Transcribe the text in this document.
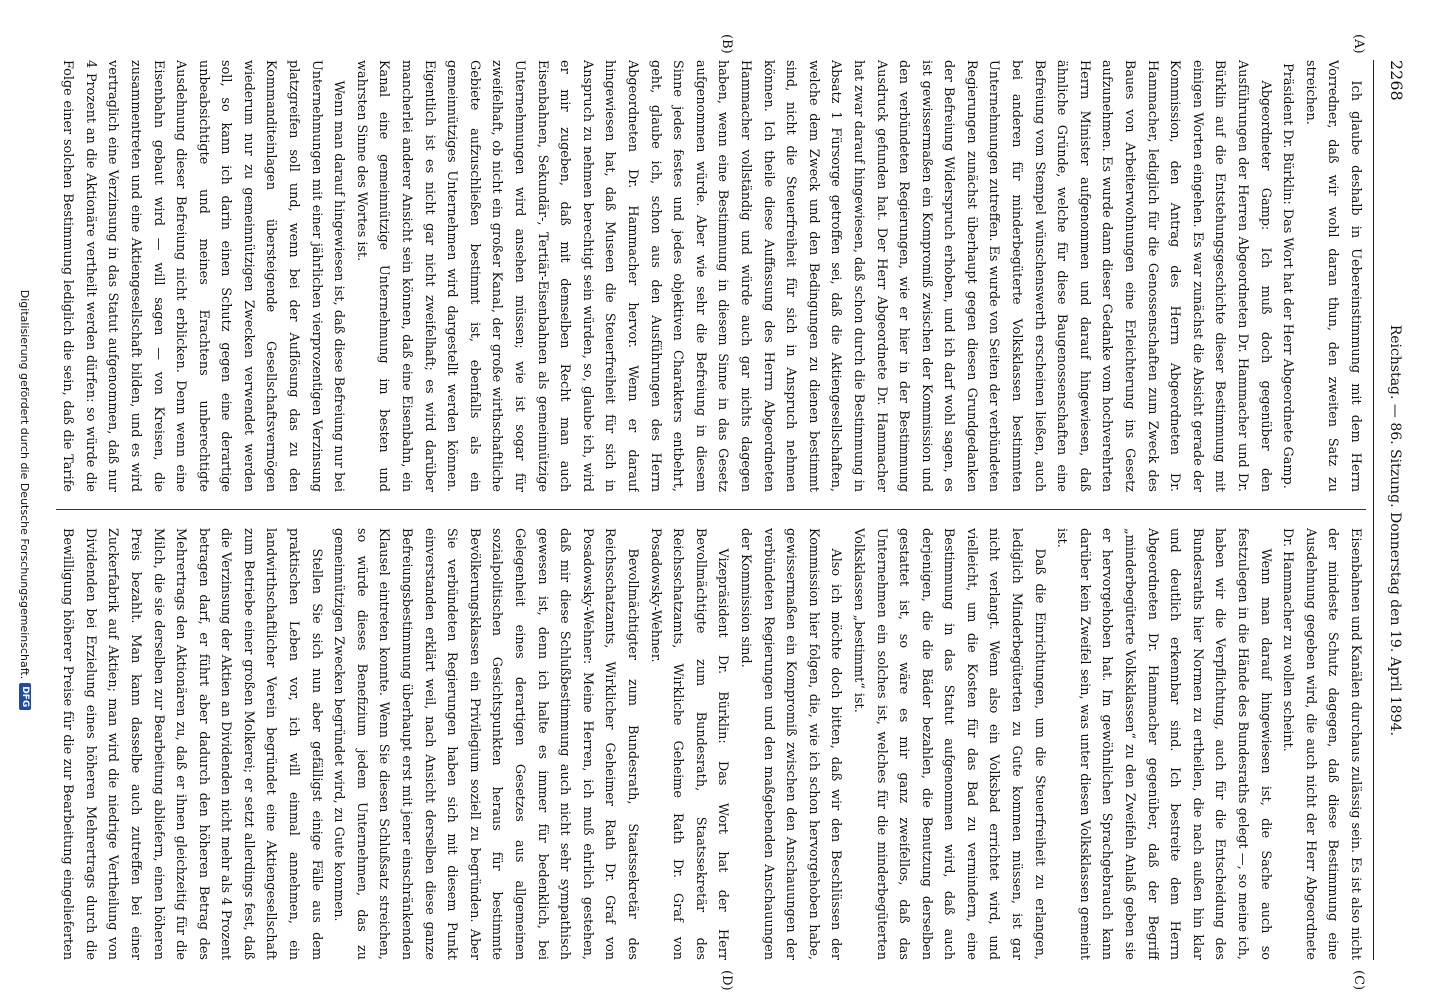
2268
Reichstag. — 86. Sitzung. Donnerstag den 19. April 1894.
(A)
(B)
(C)
(D)

Ich glaube deshalb in Uebereinstimmung mit dem Herrn Vorredner, daß wir wohl daran thun, den zweiten Satz zu streichen.

Präsident Dr. Bürklin: Das Wort hat der Herr Abgeordnete Gamp.

Abgeordneter Gamp: Ich muß doch gegenüber den Ausführungen der Herren Abgeordneten Dr. Hammacher und Dr. Bürklin auf die Entstehungsgeschichte dieser Bestimmung mit einigen Worten eingehen. Es war zunächst die Absicht gerade der Kommission, den Antrag des Herrn Abgeordneten Dr. Hammacher, lediglich für die Genossenschaften zum Zweck des Baues von Arbeiterwohnungen eine Erleichterung ins Gesetz aufzunehmen. Es wurde dann dieser Gedanke vom hochverehrten Herrn Minister aufgenommen und darauf hingewiesen, daß ähnliche Gründe, welche für diese Baugenossenschaften eine Befreiung vom Stempel wünschenswerth erscheinen ließen, auch bei anderen für minderbegüterte Volksklassen bestimmten Unternehmungen zutreffen. Es wurde von Seiten der verbündeten Regierungen zunächst überhaupt gegen diesen Grundgedanken der Befreiung Widerspruch erhoben, und ich darf wohl sagen, es ist gewissermaßen ein Kompromiß zwischen der Kommission und den verbündeten Regierungen, wie er hier in der Bestimmung Ausdruck gefunden hat. Der Herr Abgeordnete Dr. Hammacher hat zwar darauf hingewiesen, daß schon durch die Bestimmung in Absatz 1 Fürsorge getroffen sei, daß die Aktiengesellschaften, welche dem Zweck und den Bedingungen zu dienen bestimmt sind, nicht die Steuerfreiheit für sich in Anspruch nehmen können. Ich theile diese Auffassung des Herrn Abgeordneten Hammacher vollständig und würde auch gar nichts dagegen haben, wenn eine Bestimmung in diesem Sinne in das Gesetz aufgenommen würde. Aber wie sehr die Befreiung in diesem Sinne jedes festes und jedes objektiven Charakters entbehrt, geht, glaube ich, schon aus den Ausführungen des Herrn Abgeordneten Dr. Hammacher hervor. Wenn er darauf hingewiesen hat, daß Museen die Steuerfreiheit für sich in Anspruch zu nehmen berechtigt sein würden, so, glaube ich, wird er mir zugeben, daß mit demselben Recht man auch Eisenbahnen, Sekundär-, Tertiär-Eisenbahnen als gemeinnützige Unternehmungen wird ansehen müssen; wie ist sogar für zweifelhaft, ob nicht ein großer Kanal, der große wirthschaftliche Gebiete aufzuschließen bestimmt ist, ebenfalls als ein gemeinnütziges Unternehmen wird dargestellt werden können. Eigentlich ist es nicht gar nicht zweifelhaft; es wird darüber mancherlei anderer Ansicht sein können, daß eine Eisenbahn, ein Kanal eine gemeinnützige Unternehmung im besten und wahrsten Sinne des Wortes ist.

Wenn man darauf hingewiesen ist, daß diese Befreiung nur bei Unternehmungen mit einer jährlichen vierprozentigen Verzinsung platzgreifen soll und, wenn bei der Auflösung das zu den Kommanditeinlagen übersteigende Gesellschaftsvermögen wiederum nur zu gemeinnützigen Zwecken verwendet werden soll, so kann ich darin einen Schutz gegen eine derartige unbeabsichtigte und meines Erachtens unberechtigte Ausdehnung dieser Befreiung nicht erblicken. Denn wenn eine Eisenbahn gebaut wird — will sagen — von Kreisen, die zusammentreten und eine Aktiengesellschaft bilden, und es wird vertraglich eine Verzinsung in das Statut aufgenommen, daß nur 4 Prozent an die Aktionäre vertheilt werden dürfen: so würde die Folge einer solchen Bestimmung lediglich die sein, daß die Tarife

Eisenbahnen und Kanälen durchaus zulässig sein. Es ist also nicht der mindeste Schutz dagegen, daß diese Bestimmung eine Ausdehnung gegeben wird, die auch nicht der Herr Abgeordnete Dr. Hammacher zu wollen scheint.

Wenn man darauf hingewiesen ist, die Sache auch so festzulegen in die Hände des Bundesraths gelegt —, so meine ich, haben wir die Verpflichtung, auch für die Entscheidung des Bundesraths hier Normen zu ertheilen, die nach außen hin klar und deutlich erkennbar sind. Ich bestreite dem Herrn Abgeordneten Dr. Hammacher gegenüber, daß der Begriff „minderbegüterte Volksklassen“ zu den Zweifeln Anlaß geben sie er hervorgehoben hat. Im gewöhnlichen Sprachgebrauch kann darüber kein Zweifel sein, was unter diesen Volksklassen gemeint ist.

Daß die Einrichtungen, um die Steuerfreiheit zu erlangen, lediglich Minderbegüterten zu Gute kommen müssen, ist gar nicht verlangt. Wenn also ein Volksbad errichtet wird, und vielleicht, um die Kosten für das Bad zu vermindern, eine Bestimmung in das Statut aufgenommen wird, daß auch derjenigen, die die Bäder bezahlen, die Benutzung derselben gestattet ist, so wäre es mir ganz zweifellos, daß das Unternehmen ein solches ist, welches für die minderbegüterten Volksklassen „bestimmt“ ist.

Also ich möchte doch bitten, daß wir den Beschlüssen der Kommission hier folgen, die, wie ich schon hervorgehoben habe, gewissermaßen ein Kompromiß zwischen den Anschauungen der verbündeten Regierungen und den maßgebenden Anschauungen der Kommission sind.

Vizepräsident Dr. Bürklin: Das Wort hat der Herr Bevollmächtigte zum Bundesrath, Staatssekretär des Reichsschatzamts, Wirkliche Geheime Rath Dr. Graf von Posadowsky-Wehner.

Bevollmächtigter zum Bundesrath, Staatssekretär des Reichsschatzamts, Wirklicher Geheimer Rath Dr. Graf von Posadowsky-Wehner: Meine Herren, ich muß ehrlich gestehen, daß mir diese Schlußbestimmung auch nicht sehr sympathisch gewesen ist, denn ich halte es immer für bedenklich, bei Gelegenheit eines derartigen Gesetzes aus allgemeinen sozialpolitischen Gesichtspunkten heraus für bestimmte Bevölkerungsklassen ein Privilegium soziell zu begründen. Aber Sie verbündeten Regierungen haben sich mit diesem Punkt einverstanden erklärt weil, nach Ansicht derselben diese ganze Befreiungsbestimmung überhaupt erst mit jener einschränkenden Klausel eintreten konnte. Wenn Sie diesen Schlußsatz streichen, so würde dieses Benefizium jedem Unternehmen, das zu gemeinnützigen Zwecken begründet wird, zu Gute kommen.

Stellen Sie sich nun aber gefälligst einige Fälle aus dem praktischen Leben vor, ich will einmal annehmen, ein landwirthschaftlicher Verein begründet eine Aktiengesellschaft zum Betriebe einer großen Molkerei; er setzt allerdings fest, daß die Verzinsung der Aktien an Dividenden nicht mehr als 4 Prozent betragen darf, er führt aber dadurch den höheren Betrag des Mehrertrags den Aktionären zu, daß er ihnen gleichzeitig für die Milch, die sie derselben zur Bearbeitung abliefern, einen höheren Preis bezahlt. Man kann dasselbe auch zutreffen bei einer Zuckerfabrik auf Aktien; man wird die niedrige Vertheilung von Dividenden bei Erzielung eines höheren Mehrertrags durch die Bewilligung höherer Preise für die zur Bearbeitung eingelieferten

Digitalisierung gefördert durch die Deutsche Forschungsgemeinschaft.
DFG
